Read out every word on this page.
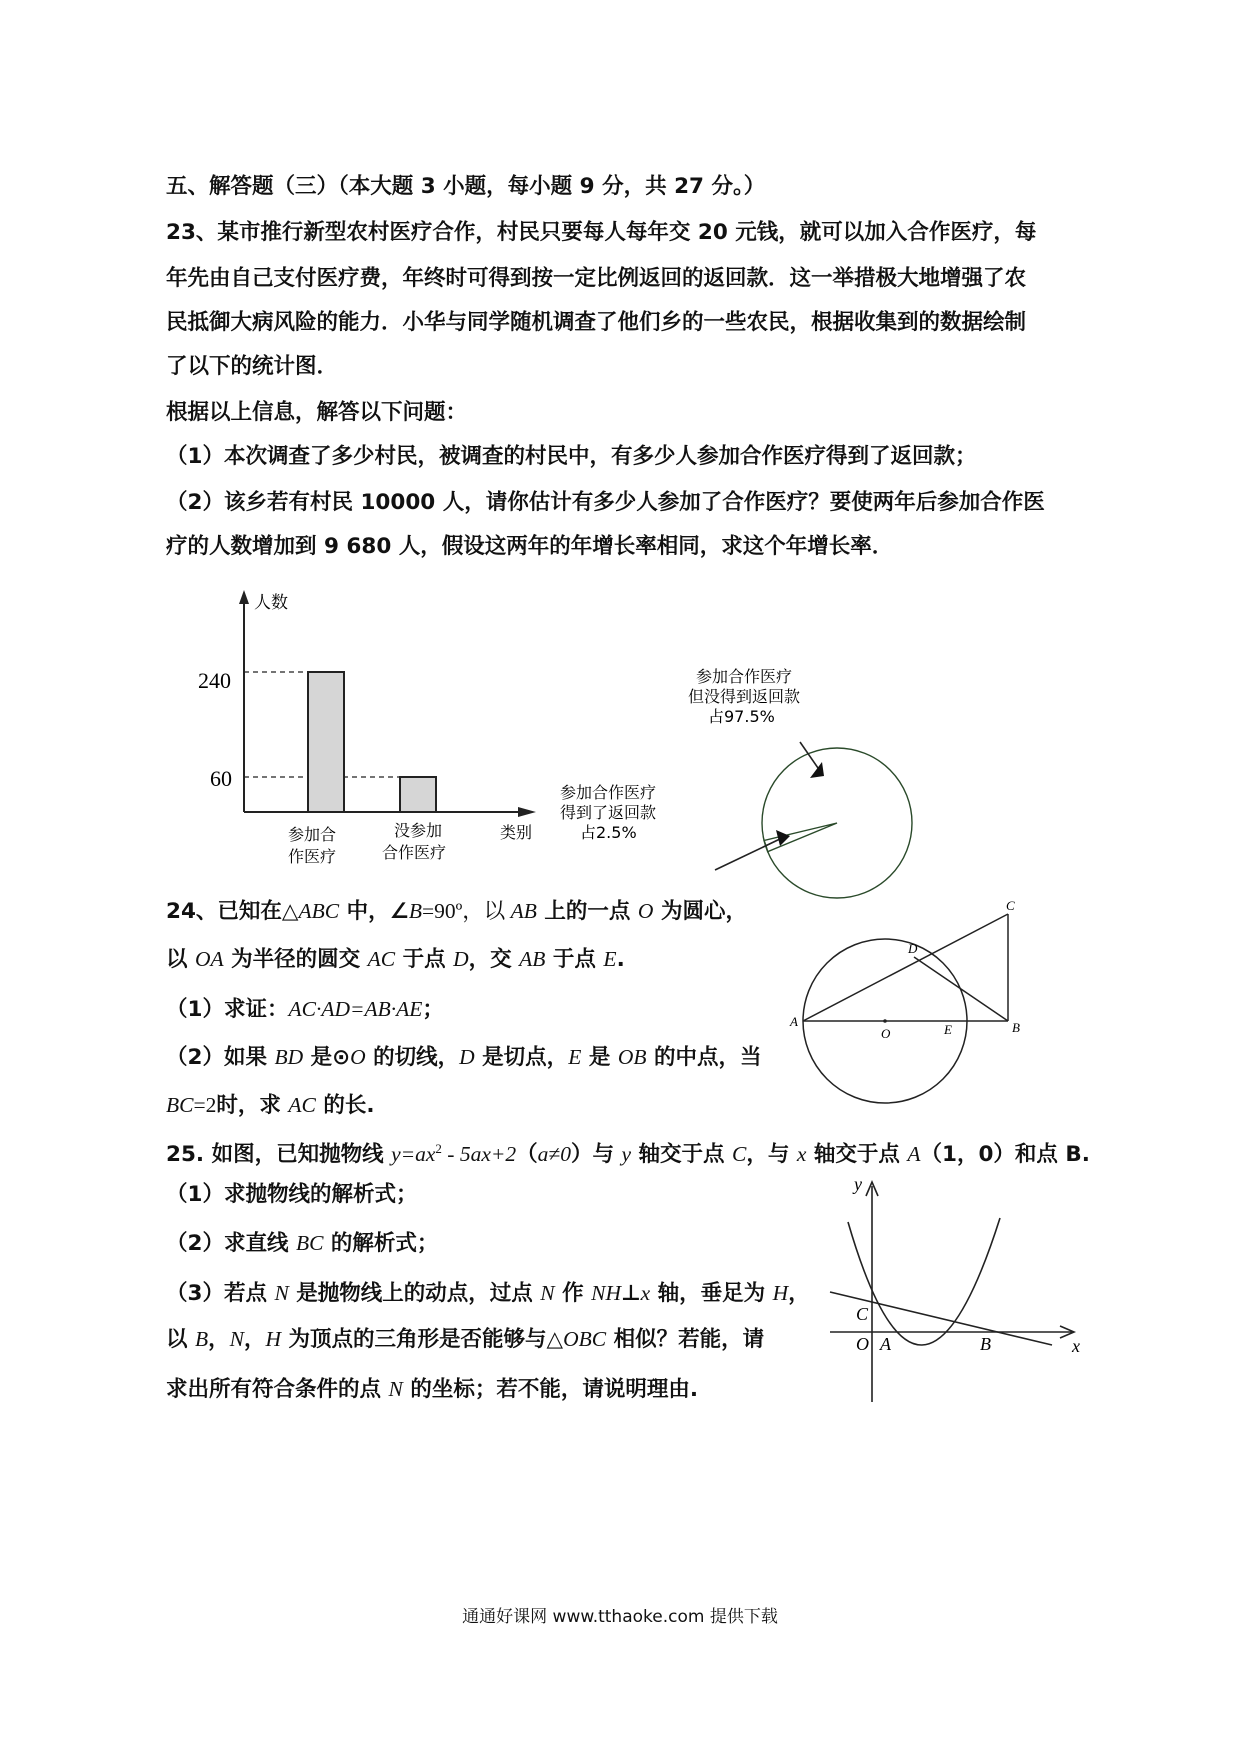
五、解答题（三）（本大题 3 小题，每小题 9 分，共 27 分。）
23、某市推行新型农村医疗合作，村民只要每人每年交 20 元钱，就可以加入合作医疗，每
年先由自己支付医疗费，年终时可得到按一定比例返回的返回款．这一举措极大地增强了农
民抵御大病风险的能力．小华与同学随机调查了他们乡的一些农民，根据收集到的数据绘制
了以下的统计图．
根据以上信息，解答以下问题：
（1）本次调查了多少村民，被调查的村民中，有多少人参加合作医疗得到了返回款；
（2）该乡若有村民 10000 人，请你估计有多少人参加了合作医疗？要使两年后参加合作医
疗的人数增加到 9 680 人，假设这两年的年增长率相同，求这个年增长率．
人数
类别
240
60
参加合
作医疗
没参加
合作医疗
参加合作医疗
但没得到返回款
占97.5%
参加合作医疗
得到了返回款
占2.5%
24、已知在△ABC 中，∠B=90º，以 AB 上的一点 O 为圆心，
以 OA 为半径的圆交 AC 于点 D，交 AB 于点 E.
（1）求证：AC·AD=AB·AE；
（2）如果 BD 是⊙O 的切线，D 是切点，E 是 OB 的中点，当
BC=2时，求 AC 的长.
A	B
C
D
E
O
25. 如图，已知抛物线 $y=ax^2 - 5ax+2(a\ne 0)$与 y 轴交于点 C，与 x 轴交于点 A（1，0）和点 B.
（1）求抛物线的解析式；
（2）求直线 BC 的解析式；
（3）若点 N 是抛物线上的动点，过点 N 作 NH⊥x 轴，垂足为 H，
以 B，N，H 为顶点的三角形是否能够与△OBC 相似？若能，请
求出所有符合条件的点 N 的坐标；若不能，请说明理由.
y
x
C
O A	B
通通好课网 www.tthaoke.com 提供下载
